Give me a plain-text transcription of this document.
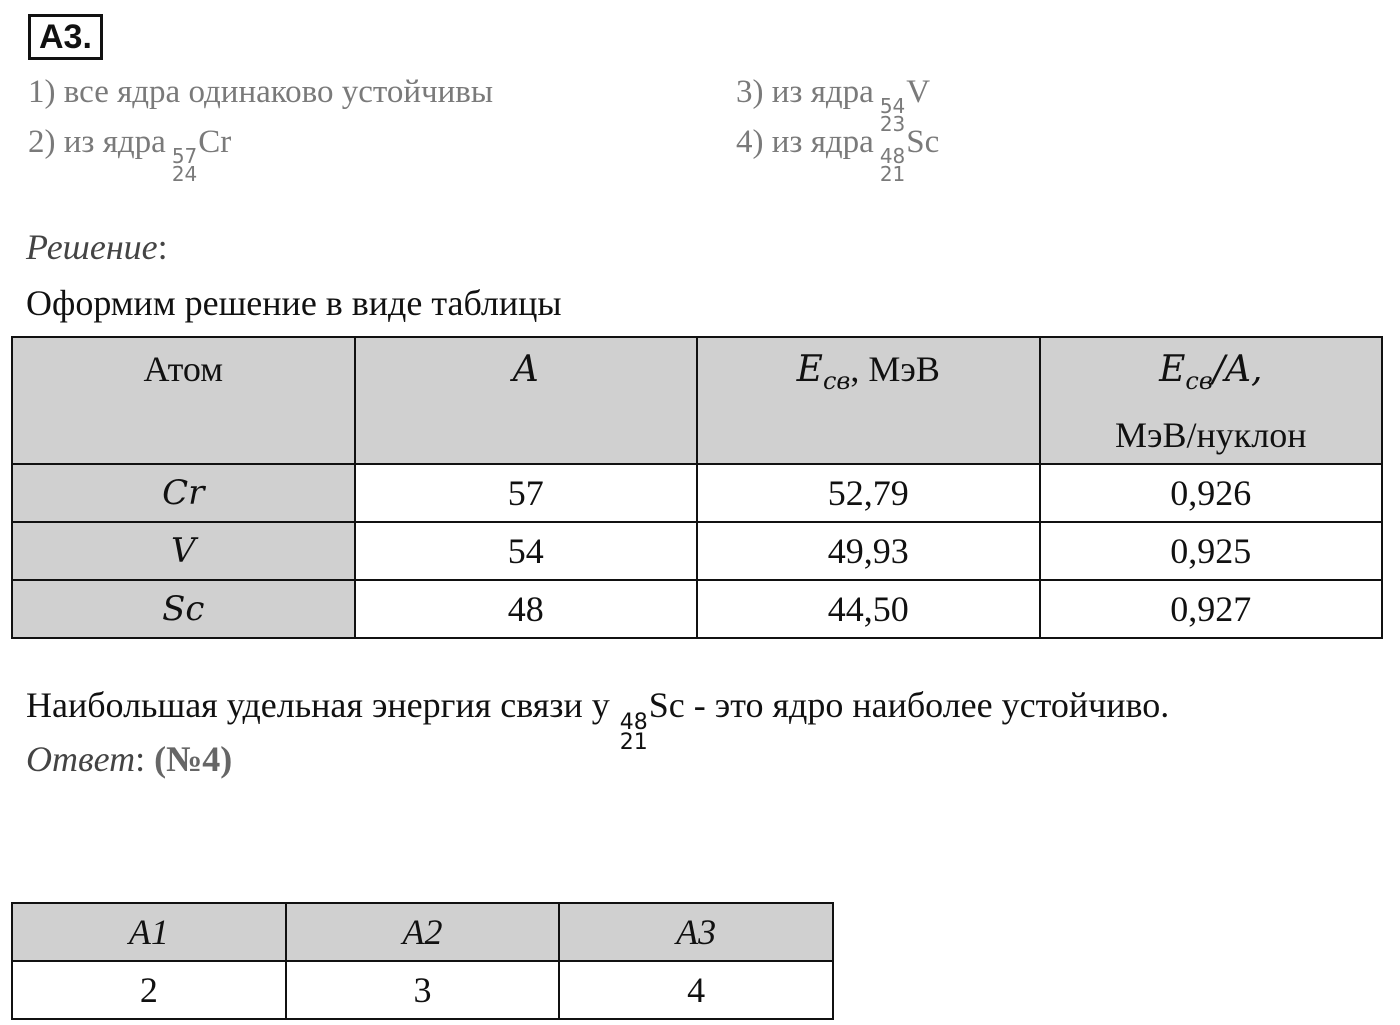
A3.
1) все ядра одинаково устойчивы
2) из ядра 57
24
Cr
3) из ядра 54
23
V
4) из ядра 48
21
Sc
Решение:
Оформим решение в виде таблицы
Атом	A	$E_{св}$, МэВ	$E_{св}/A$,
МэВ/нуклон
Cr	57	52,79	0,926
V	54	49,93	0,925
Sc	48	44,50	0,927
Наибольшая удельная энергия связи у 48
21
Sc - это ядро наиболее устойчиво.
Ответ: (№4)
A1	A2	A3
2	3	4
